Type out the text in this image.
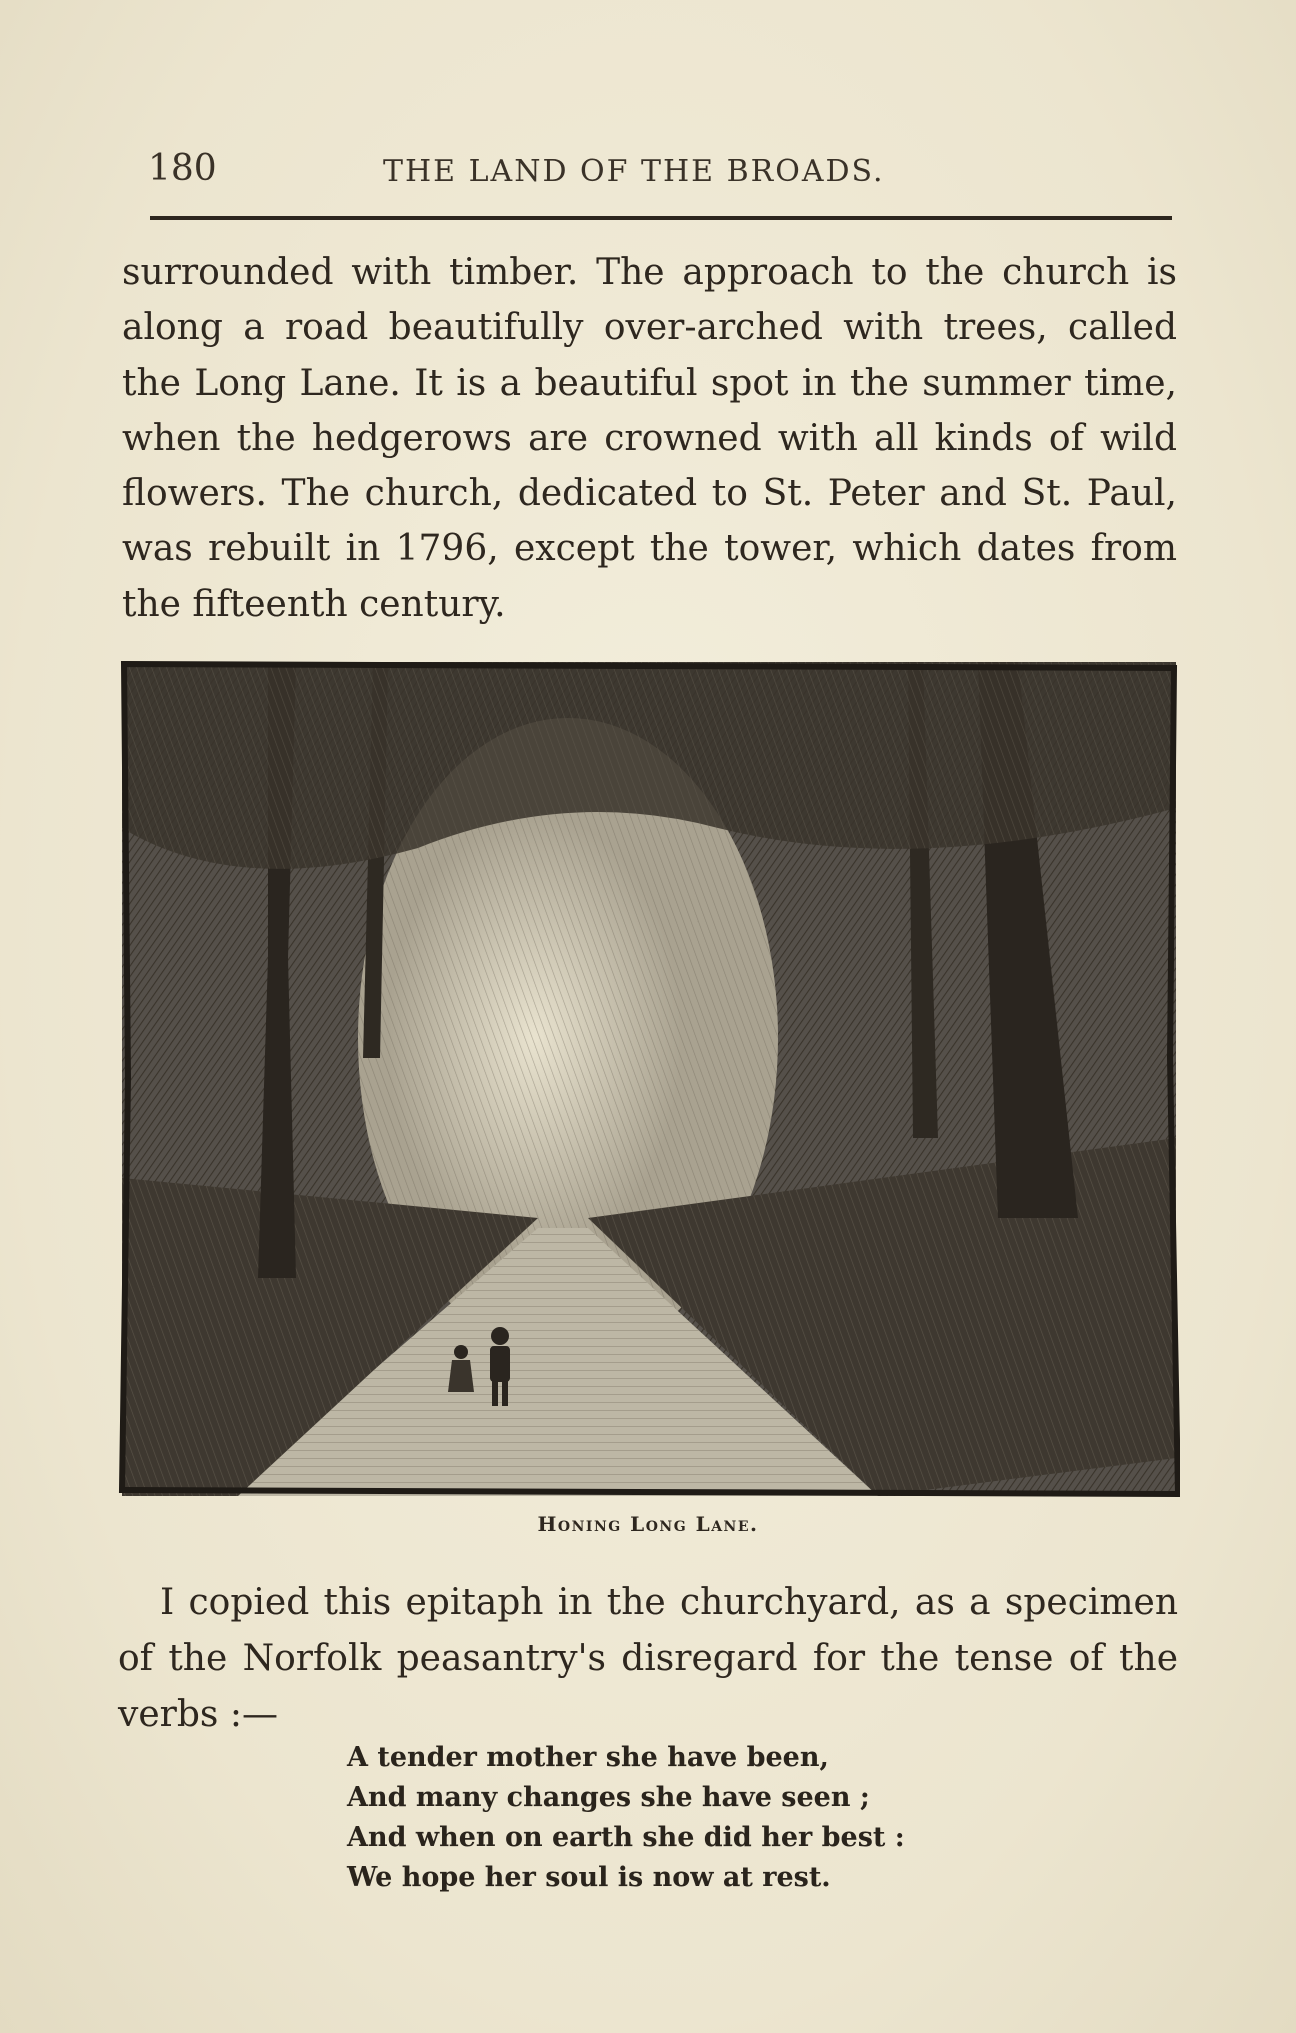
180	THE LAND OF THE BROADS.

surrounded with timber. The approach to the church is along a road beautifully over-arched with trees, called the Long Lane. It is a beautiful spot in the summer time, when the hedgerows are crowned with all kinds of wild flowers. The church, dedicated to St. Peter and St. Paul, was rebuilt in 1796, except the tower, which dates from the fifteenth century.

Honing Long Lane.
I copied this epitaph in the churchyard, as a specimen of the Norfolk peasantry's disregard for the tense of the verbs :—
A tender mother she have been,
And many changes she have seen ;
And when on earth she did her best :
We hope her soul is now at rest.
